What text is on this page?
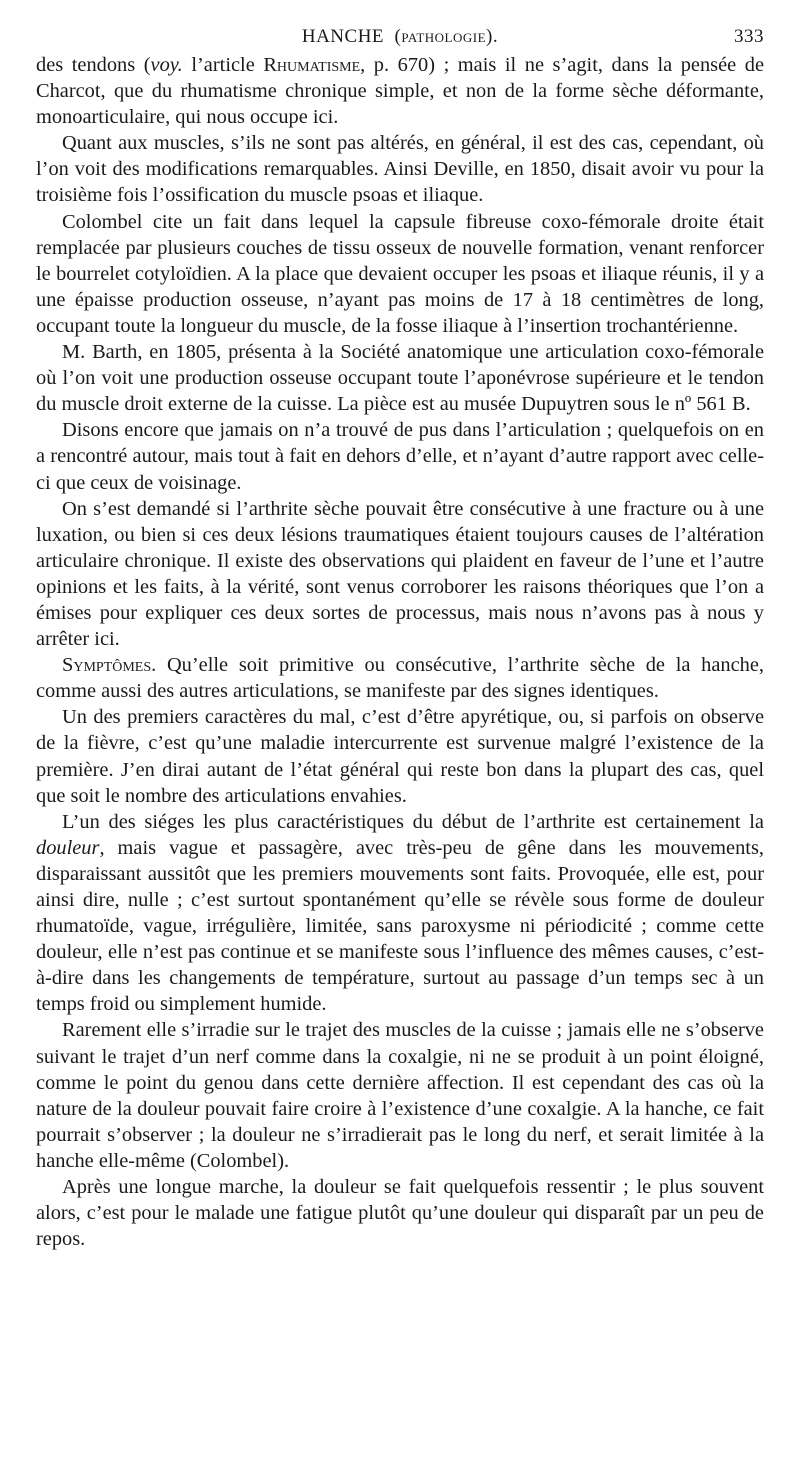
HANCHE (pathologie).	333

des tendons (voy. l’article Rhumatisme, p. 670) ; mais il ne s’agit, dans la pensée de Charcot, que du rhumatisme chronique simple, et non de la forme sèche déformante, monoarticulaire, qui nous occupe ici.

Quant aux muscles, s’ils ne sont pas altérés, en général, il est des cas, cependant, où l’on voit des modifications remarquables. Ainsi Deville, en 1850, disait avoir vu pour la troisième fois l’ossification du muscle psoas et iliaque.

Colombel cite un fait dans lequel la capsule fibreuse coxo-fémorale droite était remplacée par plusieurs couches de tissu osseux de nouvelle formation, venant renforcer le bourrelet cotyloïdien. A la place que devaient occuper les psoas et iliaque réunis, il y a une épaisse production osseuse, n’ayant pas moins de 17 à 18 centimètres de long, occupant toute la longueur du muscle, de la fosse iliaque à l’insertion trochantérienne.

M. Barth, en 1805, présenta à la Société anatomique une articulation coxo-fémorale où l’on voit une production osseuse occupant toute l’aponévrose supérieure et le tendon du muscle droit externe de la cuisse. La pièce est au musée Dupuytren sous le nº 561 B.

Disons encore que jamais on n’a trouvé de pus dans l’articulation ; quelquefois on en a rencontré autour, mais tout à fait en dehors d’elle, et n’ayant d’autre rapport avec celle-ci que ceux de voisinage.

On s’est demandé si l’arthrite sèche pouvait être consécutive à une fracture ou à une luxation, ou bien si ces deux lésions traumatiques étaient toujours causes de l’altération articulaire chronique. Il existe des observations qui plaident en faveur de l’une et l’autre opinions et les faits, à la vérité, sont venus corroborer les raisons théoriques que l’on a émises pour expliquer ces deux sortes de processus, mais nous n’avons pas à nous y arrêter ici.

Symptômes. Qu’elle soit primitive ou consécutive, l’arthrite sèche de la hanche, comme aussi des autres articulations, se manifeste par des signes identiques.

Un des premiers caractères du mal, c’est d’être apyrétique, ou, si parfois on observe de la fièvre, c’est qu’une maladie intercurrente est survenue malgré l’existence de la première. J’en dirai autant de l’état général qui reste bon dans la plupart des cas, quel que soit le nombre des articulations envahies.

L’un des siéges les plus caractéristiques du début de l’arthrite est certainement la douleur, mais vague et passagère, avec très-peu de gêne dans les mouvements, disparaissant aussitôt que les premiers mouvements sont faits. Provoquée, elle est, pour ainsi dire, nulle ; c’est surtout spontanément qu’elle se révèle sous forme de douleur rhumatoïde, vague, irrégulière, limitée, sans paroxysme ni périodicité ; comme cette douleur, elle n’est pas continue et se manifeste sous l’influence des mêmes causes, c’est-à-dire dans les changements de température, surtout au passage d’un temps sec à un temps froid ou simplement humide.

Rarement elle s’irradie sur le trajet des muscles de la cuisse ; jamais elle ne s’observe suivant le trajet d’un nerf comme dans la coxalgie, ni ne se produit à un point éloigné, comme le point du genou dans cette dernière affection. Il est cependant des cas où la nature de la douleur pouvait faire croire à l’existence d’une coxalgie. A la hanche, ce fait pourrait s’observer ; la douleur ne s’irradierait pas le long du nerf, et serait limitée à la hanche elle-même (Colombel).

Après une longue marche, la douleur se fait quelquefois ressentir ; le plus souvent alors, c’est pour le malade une fatigue plutôt qu’une douleur qui disparaît par un peu de repos.
